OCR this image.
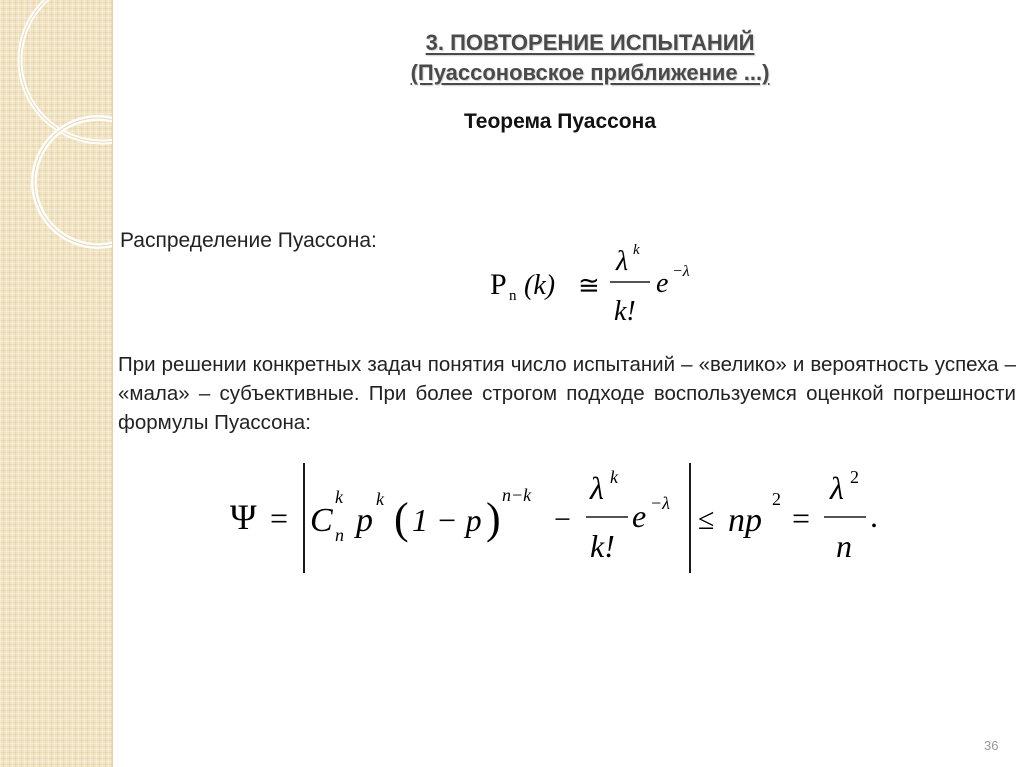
3. ПОВТОРЕНИЕ ИСПЫТАНИЙ
(Пуассоновское приближение ...)
Теорема Пуассона
Распределение Пуассона:
P n (k) ≅
λ k
k!
e −λ
При решении конкретных задач понятия число испытаний – «велико» и вероятность успеха – «мала» – субъективные. При более строгом подходе воспользуемся оценкой погрешности формулы Пуассона:
Ψ = C
k
n p
k ( 1 − p ) n−k
−
λ k
k!
e −λ ≤ np
2
=
λ 2
n
.
36
